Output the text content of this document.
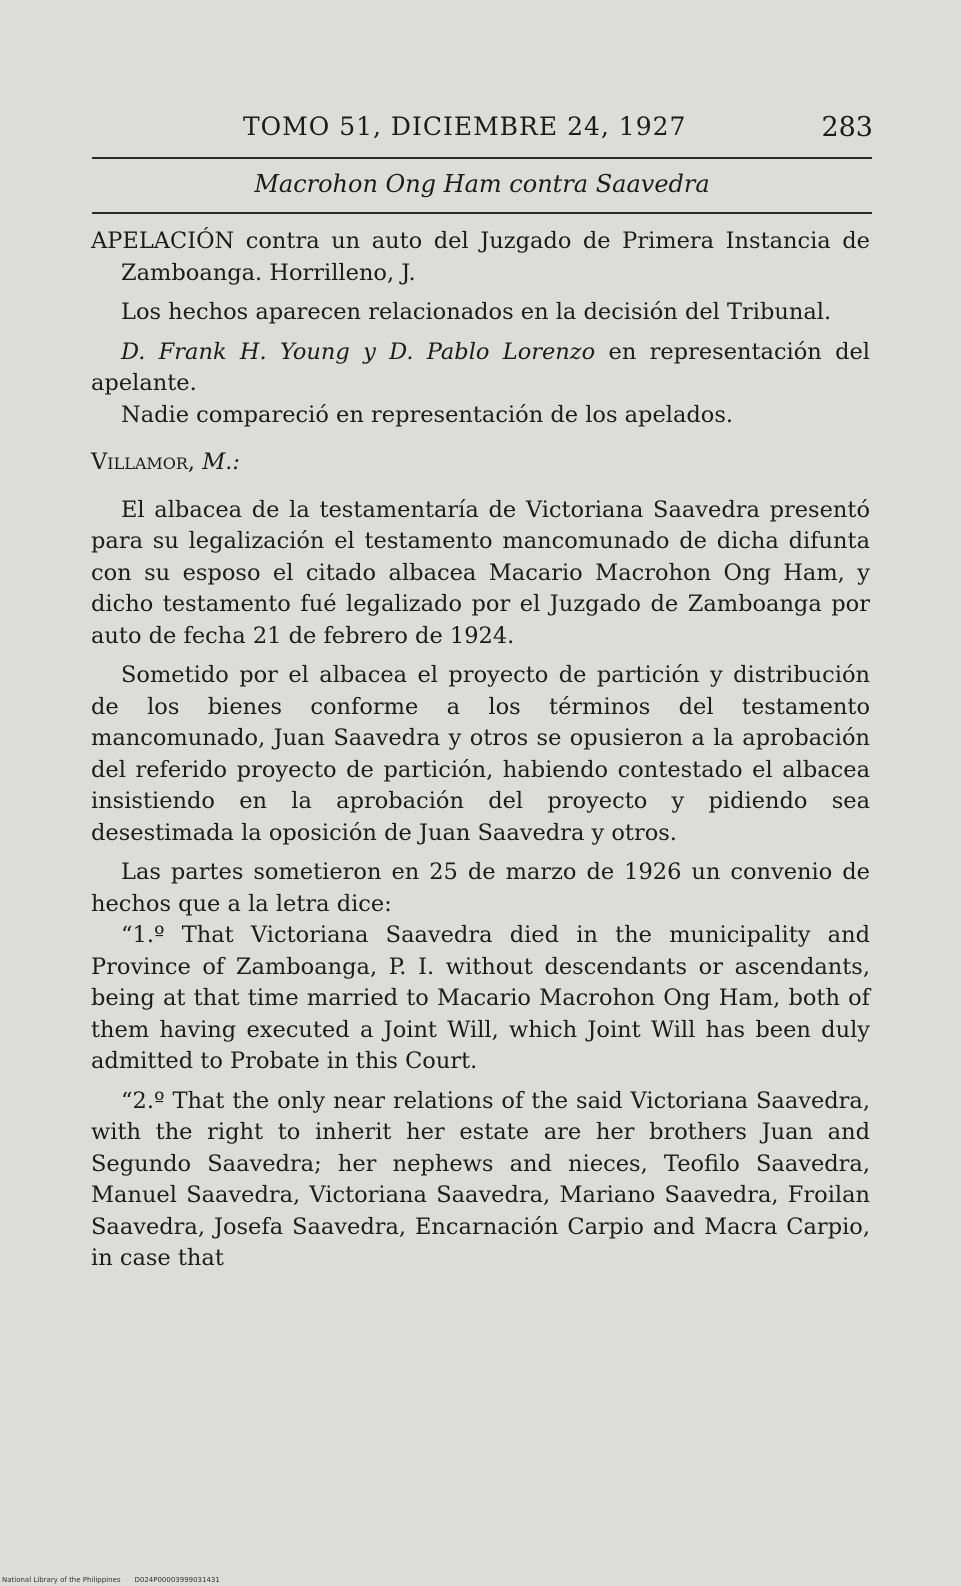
TOMO 51, DICIEMBRE 24, 1927	283
Macrohon Ong Ham contra Saavedra

APELACIÓN contra un auto del Juzgado de Primera Instancia de Zamboanga. Horrilleno, J.

Los hechos aparecen relacionados en la decisión del Tribunal.

D. Frank H. Young y D. Pablo Lorenzo en representación del apelante.

Nadie compareció en representación de los apelados.

Villamor, M.:

El albacea de la testamentaría de Victoriana Saavedra presentó para su legalización el testamento mancomunado de dicha difunta con su esposo el citado albacea Macario Macrohon Ong Ham, y dicho testamento fué legalizado por el Juzgado de Zamboanga por auto de fecha 21 de febrero de 1924.

Sometido por el albacea el proyecto de partición y distribución de los bienes conforme a los términos del testamento mancomunado, Juan Saavedra y otros se opusieron a la aprobación del referido proyecto de partición, habiendo contestado el albacea insistiendo en la aprobación del proyecto y pidiendo sea desestimada la oposición de Juan Saavedra y otros.

Las partes sometieron en 25 de marzo de 1926 un convenio de hechos que a la letra dice:

“1.º That Victoriana Saavedra died in the municipality and Province of Zamboanga, P. I. without descendants or ascendants, being at that time married to Macario Macrohon Ong Ham, both of them having executed a Joint Will, which Joint Will has been duly admitted to Probate in this Court.

“2.º That the only near relations of the said Victoriana Saavedra, with the right to inherit her estate are her brothers Juan and Segundo Saavedra; her nephews and nieces, Teofilo Saavedra, Manuel Saavedra, Victoriana Saavedra, Mariano Saavedra, Froilan Saavedra, Josefa Saavedra, Encarnación Carpio and Macra Carpio, in case that

National Library of the Philippines D024P00003999031431
